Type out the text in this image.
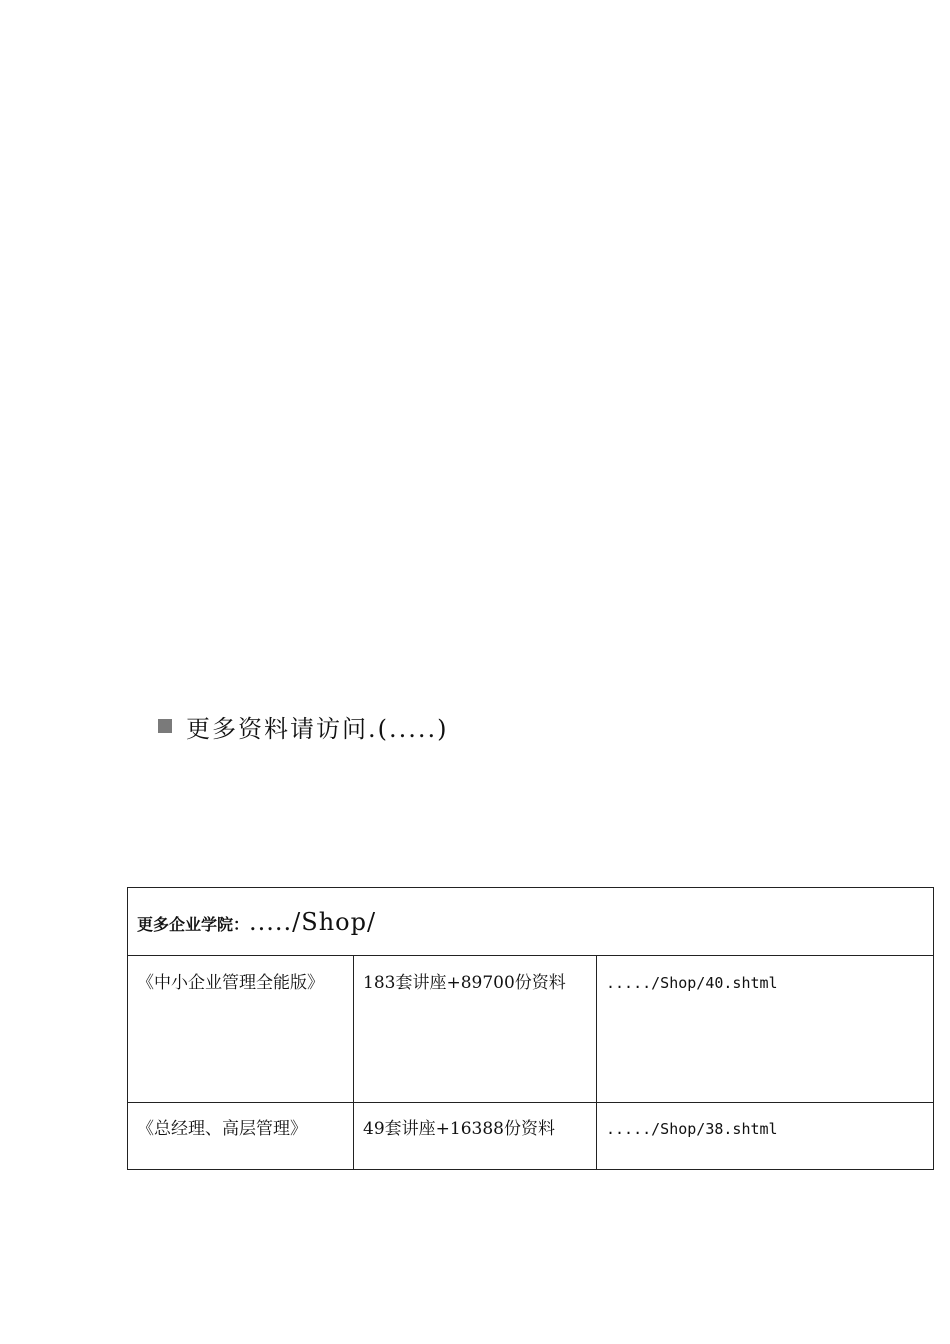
更多资料请访问.(.....)
更多企业学院：...../Shop/		

《中小企业管理全能版》	183套讲座+89700份资料	...../Shop/40.shtml

《总经理、高层管理》	49套讲座+16388份资料	...../Shop/38.shtml
